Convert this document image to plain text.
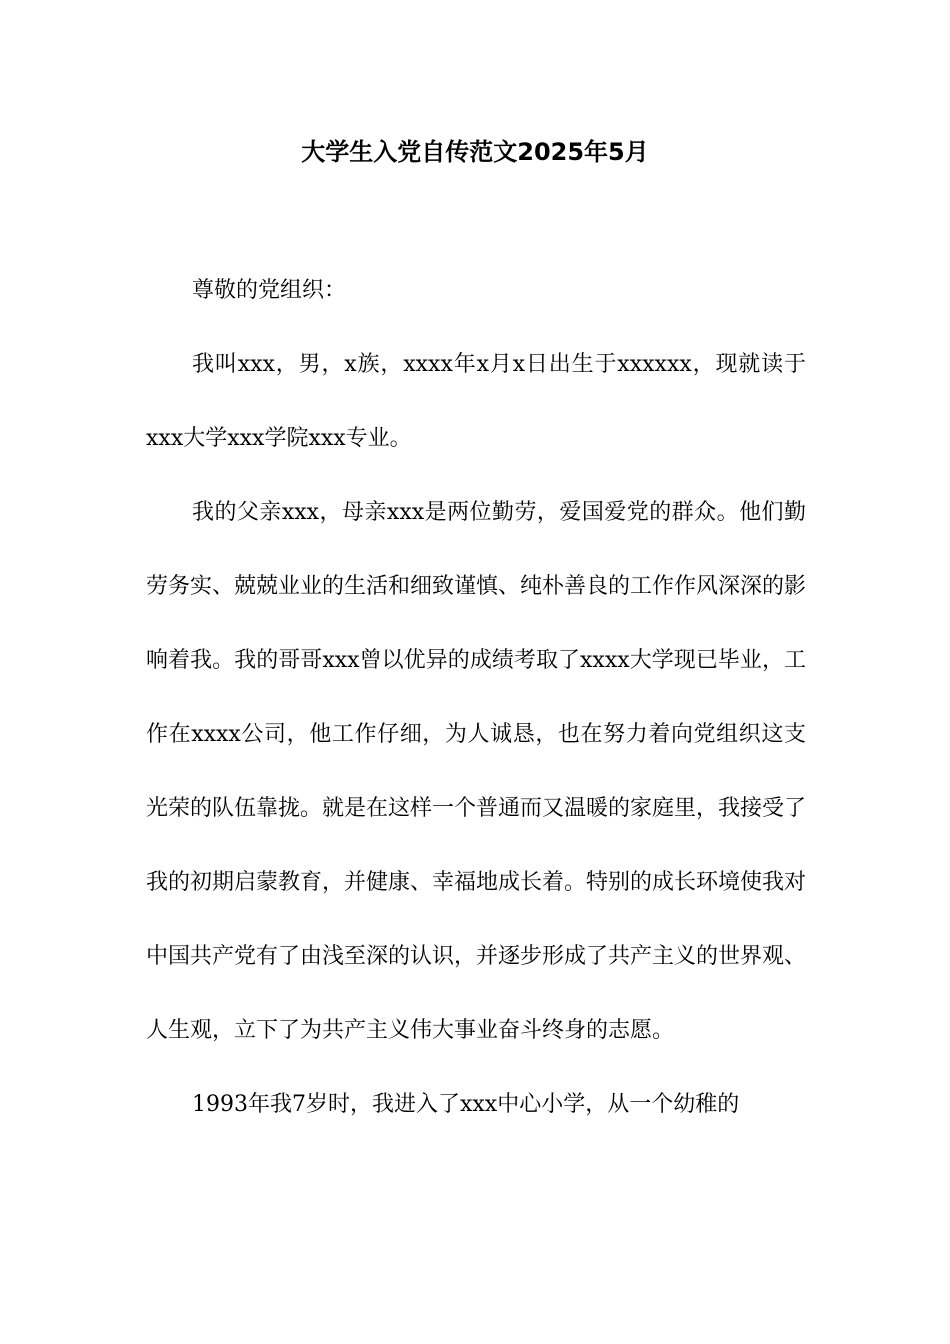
大学生入党自传范文2025年5月

尊敬的党组织：

我叫xxx，男，x族，xxxx年x月x日出生于xxxxxx，现就读于xxx大学xxx学院xxx专业。

我的父亲xxx，母亲xxx是两位勤劳，爱国爱党的群众。他们勤劳务实、兢兢业业的生活和细致谨慎、纯朴善良的工作作风深深的影响着我。我的哥哥xxx曾以优异的成绩考取了xxxx大学现已毕业，工作在xxxx公司，他工作仔细，为人诚恳，也在努力着向党组织这支光荣的队伍靠拢。就是在这样一个普通而又温暖的家庭里，我接受了我的初期启蒙教育，并健康、幸福地成长着。特别的成长环境使我对中国共产党有了由浅至深的认识，并逐步形成了共产主义的世界观、人生观，立下了为共产主义伟大事业奋斗终身的志愿。

1993年我7岁时，我进入了xxx中心小学，从一个幼稚的
